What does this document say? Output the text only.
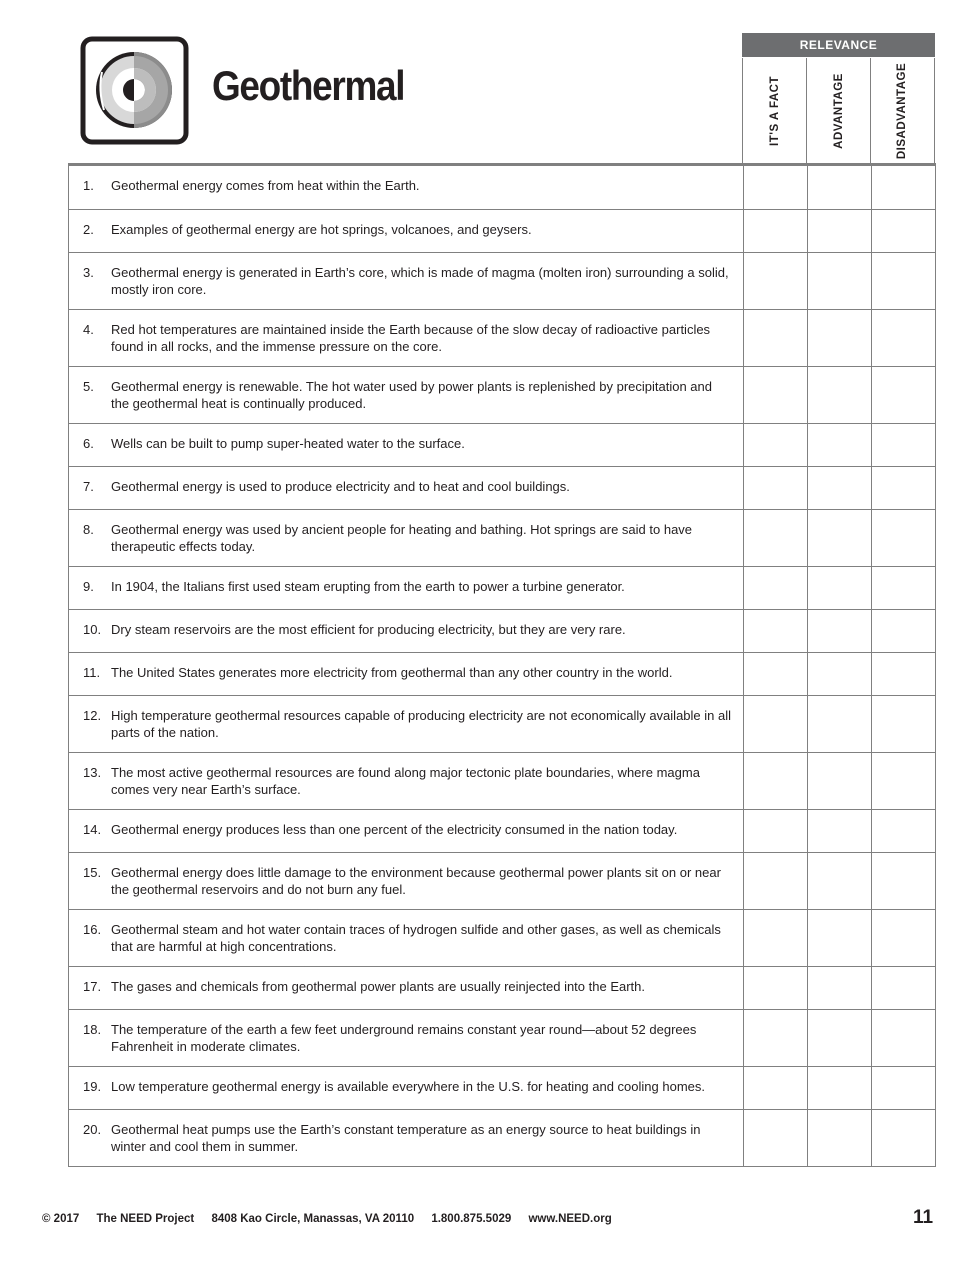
Geothermal
RELEVANCE
IT'S A FACT	ADVANTAGE	DISADVANTAGE
1. Geothermal energy comes from heat within the Earth.			

2. Examples of geothermal energy are hot springs, volcanoes, and geysers.			

3. Geothermal energy is generated in Earth’s core, which is made of magma (molten iron) surrounding a solid, mostly iron core.			

4. Red hot temperatures are maintained inside the Earth because of the slow decay of radioactive particles found in all rocks, and the immense pressure on the core.			

5. Geothermal energy is renewable. The hot water used by power plants is replenished by precipitation and the geothermal heat is continually produced.			

6. Wells can be built to pump super-heated water to the surface.			

7. Geothermal energy is used to produce electricity and to heat and cool buildings.			

8. Geothermal energy was used by ancient people for heating and bathing. Hot springs are said to have therapeutic effects today.			

9. In 1904, the Italians first used steam erupting from the earth to power a turbine generator.			

10. Dry steam reservoirs are the most efficient for producing electricity, but they are very rare.			

11. The United States generates more electricity from geothermal than any other country in the world.			

12. High temperature geothermal resources capable of producing electricity are not economically available in all parts of the nation.			

13. The most active geothermal resources are found along major tectonic plate boundaries, where magma comes very near Earth’s surface.			

14. Geothermal energy produces less than one percent of the electricity consumed in the nation today.			

15. Geothermal energy does little damage to the environment because geothermal power plants sit on or near the geothermal reservoirs and do not burn any fuel.			

16. Geothermal steam and hot water contain traces of hydrogen sulfide and other gases, as well as chemicals that are harmful at high concentrations.			

17. The gases and chemicals from geothermal power plants are usually reinjected into the Earth.			

18. The temperature of the earth a few feet underground remains constant year round—about 52 degrees Fahrenheit in moderate climates.			

19. Low temperature geothermal energy is available everywhere in the U.S. for heating and cooling homes.			

20. Geothermal heat pumps use the Earth’s constant temperature as an energy source to heat buildings in winter and cool them in summer.			

© 2017 The NEED Project 8408 Kao Circle, Manassas, VA 20110 1.800.875.5029 www.NEED.org	11
